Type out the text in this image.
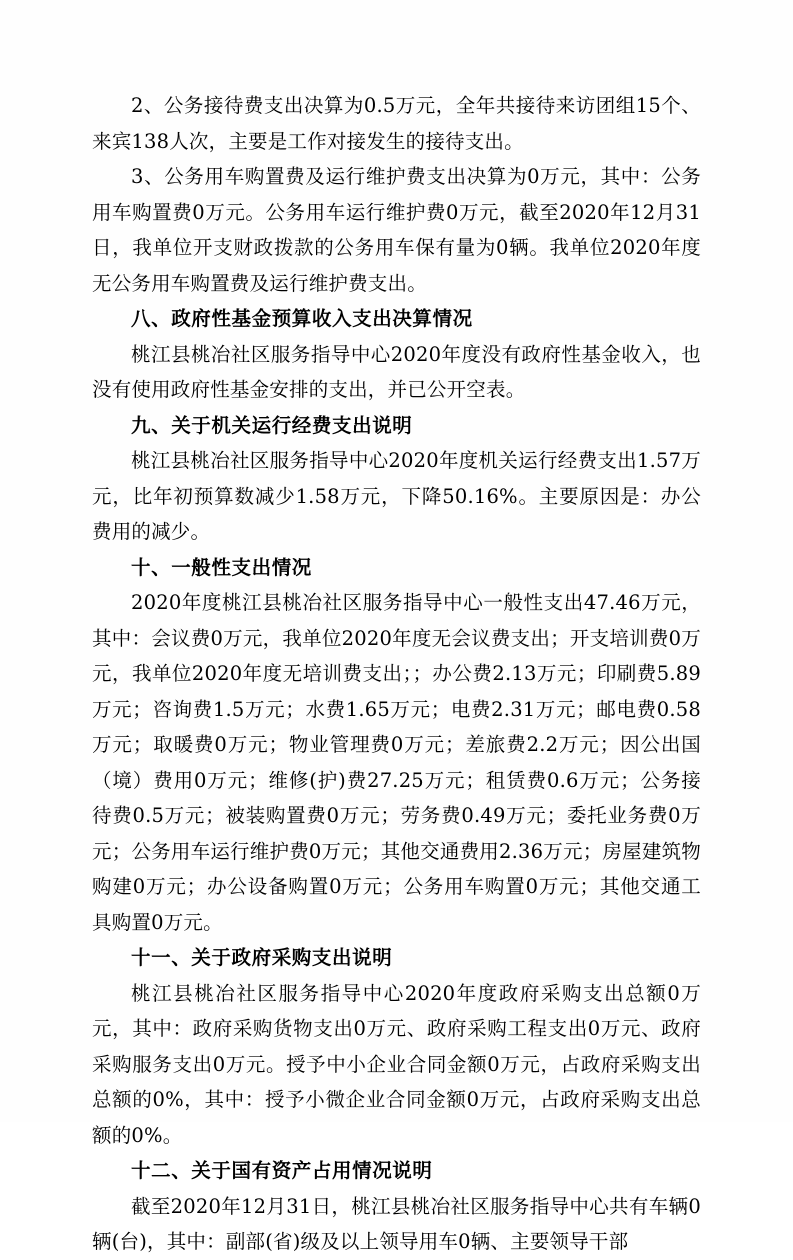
2、公务接待费支出决算为0.5万元，全年共接待来访团组15个、来宾138人次，主要是工作对接发生的接待支出。

3、公务用车购置费及运行维护费支出决算为0万元，其中：公务用车购置费0万元。公务用车运行维护费0万元，截至2020年12月31日，我单位开支财政拨款的公务用车保有量为0辆。我单位2020年度无公务用车购置费及运行维护费支出。

八、政府性基金预算收入支出决算情况

桃江县桃冶社区服务指导中心2020年度没有政府性基金收入，也没有使用政府性基金安排的支出，并已公开空表。

九、关于机关运行经费支出说明

桃江县桃冶社区服务指导中心2020年度机关运行经费支出1.57万元，比年初预算数减少1.58万元，下降50.16%。主要原因是：办公费用的减少。

十、一般性支出情况

2020年度桃江县桃冶社区服务指导中心一般性支出47.46万元，其中：会议费0万元，我单位2020年度无会议费支出；开支培训费0万元，我单位2020年度无培训费支出；；办公费2.13万元；印刷费5.89万元；咨询费1.5万元；水费1.65万元；电费2.31万元；邮电费0.58万元；取暖费0万元；物业管理费0万元；差旅费2.2万元；因公出国（境）费用0万元；维修(护)费27.25万元；租赁费0.6万元；公务接待费0.5万元；被装购置费0万元；劳务费0.49万元；委托业务费0万元；公务用车运行维护费0万元；其他交通费用2.36万元；房屋建筑物购建0万元；办公设备购置0万元；公务用车购置0万元；其他交通工具购置0万元。

十一、关于政府采购支出说明

桃江县桃冶社区服务指导中心2020年度政府采购支出总额0万元，其中：政府采购货物支出0万元、政府采购工程支出0万元、政府采购服务支出0万元。授予中小企业合同金额0万元，占政府采购支出总额的0%，其中：授予小微企业合同金额0万元，占政府采购支出总额的0%。

十二、关于国有资产占用情况说明

截至2020年12月31日，桃江县桃冶社区服务指导中心共有车辆0辆(台)，其中：副部(省)级及以上领导用车0辆、主要领导干部
